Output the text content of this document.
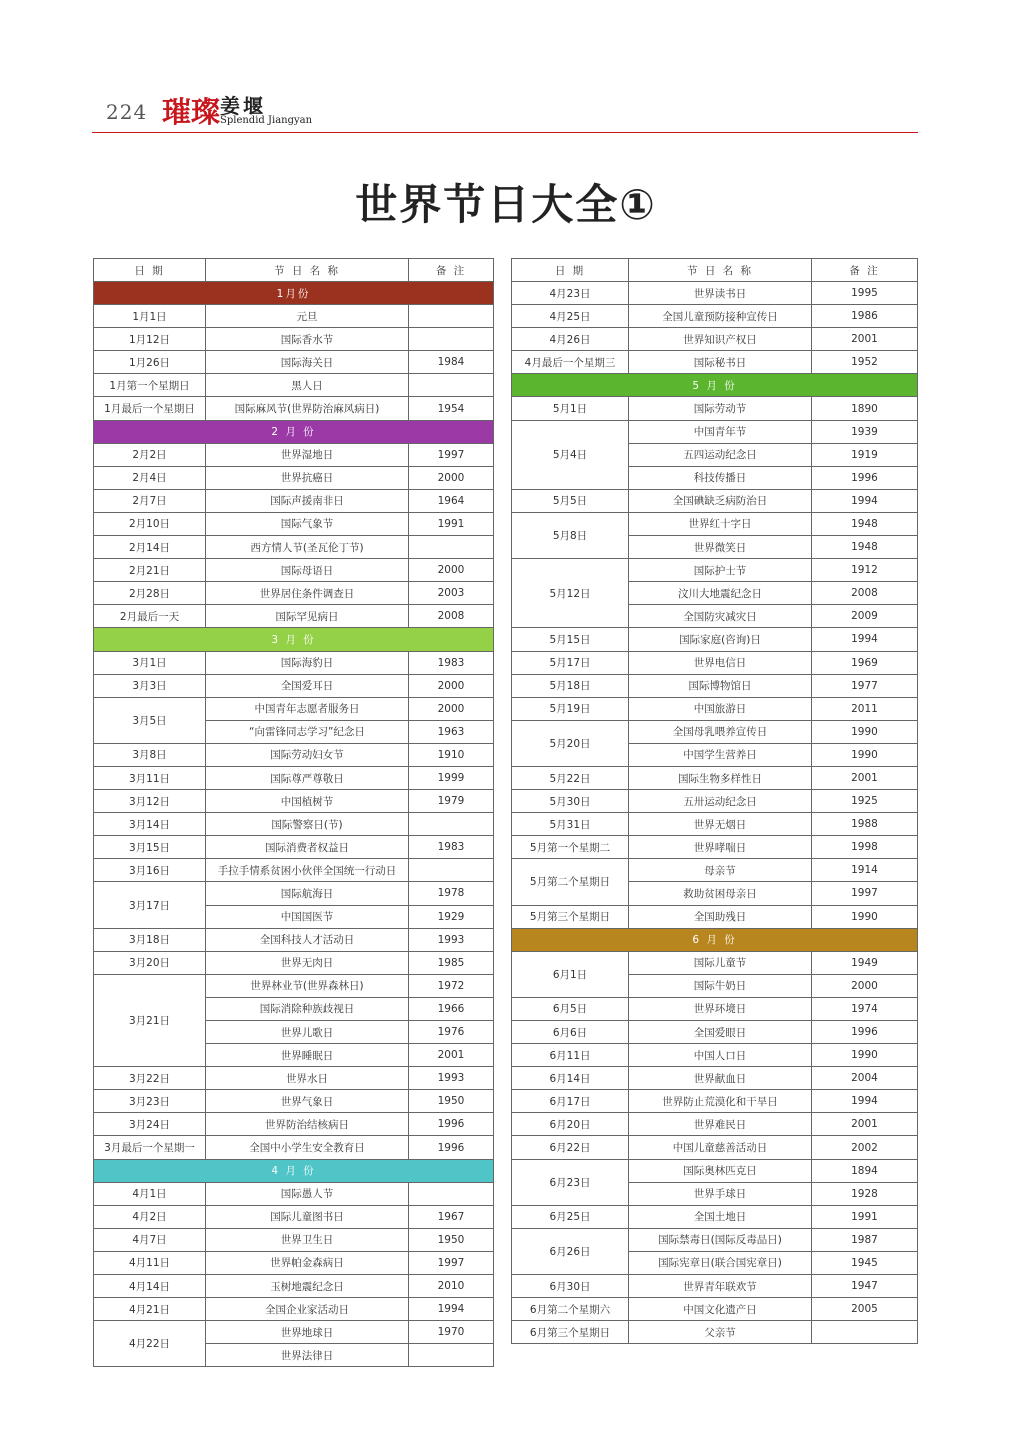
224 璀璨 姜堰
Splendid Jiangyan
世界节日大全①
日 期	节 日 名 称	备 注
1月份		
1月1日	元旦	
1月12日	国际香水节	
1月26日	国际海关日	1984
1月第一个星期日	黑人日	
1月最后一个星期日	国际麻风节(世界防治麻风病日)	1954
2 月 份		
2月2日	世界湿地日	1997
2月4日	世界抗癌日	2000
2月7日	国际声援南非日	1964
2月10日	国际气象节	1991
2月14日	西方情人节(圣瓦伦丁节)	
2月21日	国际母语日	2000
2月28日	世界居住条件调查日	2003
2月最后一天	国际罕见病日	2008
3 月 份		
3月1日	国际海豹日	1983
3月3日	全国爱耳日	2000
3月5日	中国青年志愿者服务日	2000
	“向雷锋同志学习”纪念日	1963
3月8日	国际劳动妇女节	1910
3月11日	国际尊严尊敬日	1999
3月12日	中国植树节	1979
3月14日	国际警察日(节)	
3月15日	国际消费者权益日	1983
3月16日	手拉手情系贫困小伙伴全国统一行动日	
3月17日	国际航海日	1978
	中国国医节	1929
3月18日	全国科技人才活动日	1993
3月20日	世界无肉日	1985
3月21日	世界林业节(世界森林日)	1972
	国际消除种族歧视日	1966
	世界儿歌日	1976
	世界睡眠日	2001
3月22日	世界水日	1993
3月23日	世界气象日	1950
3月24日	世界防治结核病日	1996
3月最后一个星期一	全国中小学生安全教育日	1996
4 月 份		
4月1日	国际愚人节	
4月2日	国际儿童图书日	1967
4月7日	世界卫生日	1950
4月11日	世界帕金森病日	1997
4月14日	玉树地震纪念日	2010
4月21日	全国企业家活动日	1994
4月22日	世界地球日	1970
	世界法律日	
日 期	节 日 名 称	备 注
4月23日	世界读书日	1995
4月25日	全国儿童预防接种宣传日	1986
4月26日	世界知识产权日	2001
4月最后一个星期三	国际秘书日	1952
5 月 份		
5月1日	国际劳动节	1890
5月4日	中国青年节	1939
	五四运动纪念日	1919
	科技传播日	1996
5月5日	全国碘缺乏病防治日	1994
5月8日	世界红十字日	1948
	世界微笑日	1948
5月12日	国际护士节	1912
	汶川大地震纪念日	2008
	全国防灾减灾日	2009
5月15日	国际家庭(咨询)日	1994
5月17日	世界电信日	1969
5月18日	国际博物馆日	1977
5月19日	中国旅游日	2011
5月20日	全国母乳喂养宣传日	1990
	中国学生营养日	1990
5月22日	国际生物多样性日	2001
5月30日	五卅运动纪念日	1925
5月31日	世界无烟日	1988
5月第一个星期二	世界哮喘日	1998
5月第二个星期日	母亲节	1914
	救助贫困母亲日	1997
5月第三个星期日	全国助残日	1990
6 月 份		
6月1日	国际儿童节	1949
	国际牛奶日	2000
6月5日	世界环境日	1974
6月6日	全国爱眼日	1996
6月11日	中国人口日	1990
6月14日	世界献血日	2004
6月17日	世界防止荒漠化和干旱日	1994
6月20日	世界难民日	2001
6月22日	中国儿童慈善活动日	2002
6月23日	国际奥林匹克日	1894
	世界手球日	1928
6月25日	全国土地日	1991
6月26日	国际禁毒日(国际反毒品日)	1987
	国际宪章日(联合国宪章日)	1945
6月30日	世界青年联欢节	1947
6月第二个星期六	中国文化遗产日	2005
6月第三个星期日	父亲节	
